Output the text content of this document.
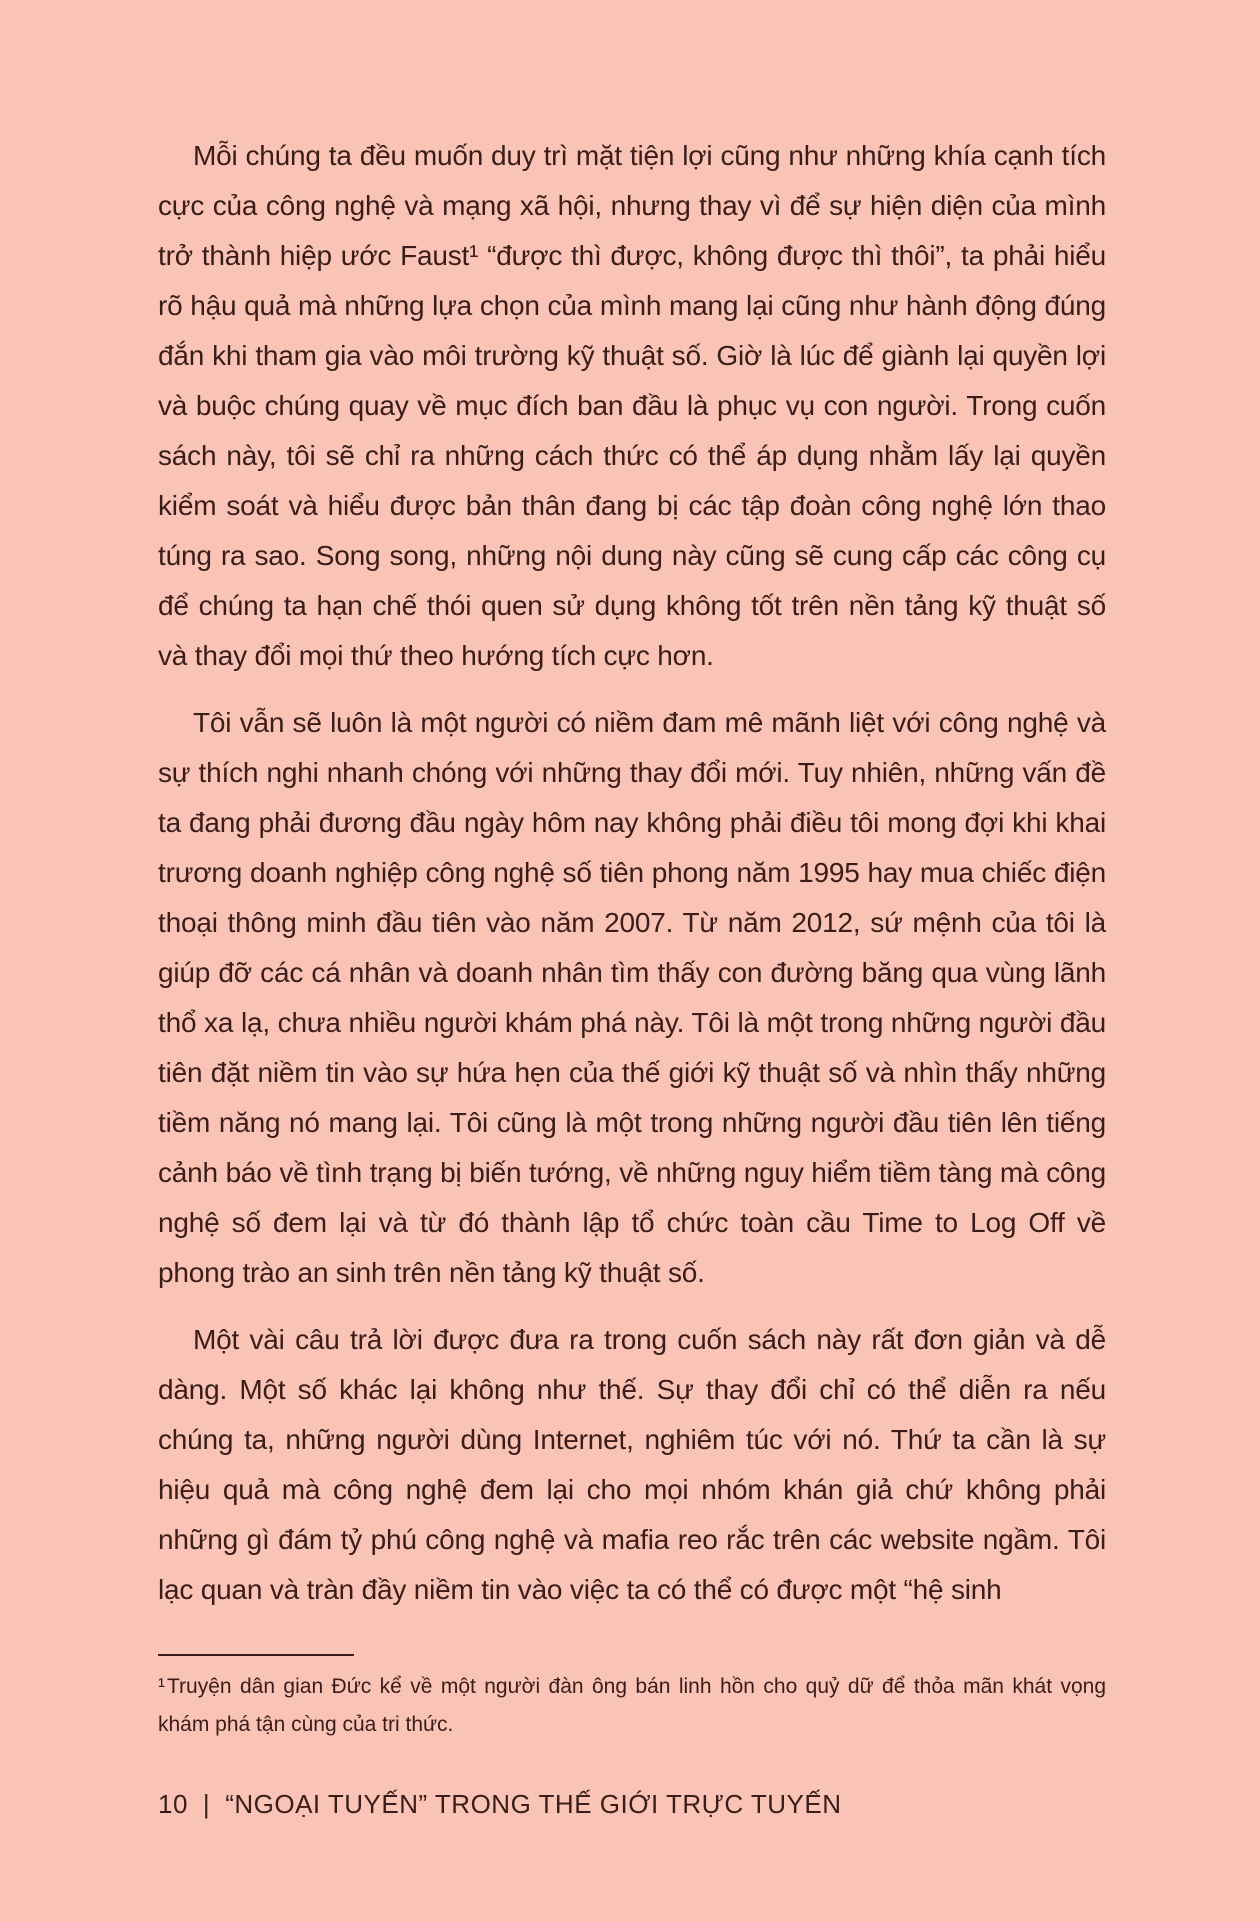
Mỗi chúng ta đều muốn duy trì mặt tiện lợi cũng như những khía cạnh tích cực của công nghệ và mạng xã hội, nhưng thay vì để sự hiện diện của mình trở thành hiệp ước Faust¹ “được thì được, không được thì thôi”, ta phải hiểu rõ hậu quả mà những lựa chọn của mình mang lại cũng như hành động đúng đắn khi tham gia vào môi trường kỹ thuật số. Giờ là lúc để giành lại quyền lợi và buộc chúng quay về mục đích ban đầu là phục vụ con người. Trong cuốn sách này, tôi sẽ chỉ ra những cách thức có thể áp dụng nhằm lấy lại quyền kiểm soát và hiểu được bản thân đang bị các tập đoàn công nghệ lớn thao túng ra sao. Song song, những nội dung này cũng sẽ cung cấp các công cụ để chúng ta hạn chế thói quen sử dụng không tốt trên nền tảng kỹ thuật số và thay đổi mọi thứ theo hướng tích cực hơn.

Tôi vẫn sẽ luôn là một người có niềm đam mê mãnh liệt với công nghệ và sự thích nghi nhanh chóng với những thay đổi mới. Tuy nhiên, những vấn đề ta đang phải đương đầu ngày hôm nay không phải điều tôi mong đợi khi khai trương doanh nghiệp công nghệ số tiên phong năm 1995 hay mua chiếc điện thoại thông minh đầu tiên vào năm 2007. Từ năm 2012, sứ mệnh của tôi là giúp đỡ các cá nhân và doanh nhân tìm thấy con đường băng qua vùng lãnh thổ xa lạ, chưa nhiều người khám phá này. Tôi là một trong những người đầu tiên đặt niềm tin vào sự hứa hẹn của thế giới kỹ thuật số và nhìn thấy những tiềm năng nó mang lại. Tôi cũng là một trong những người đầu tiên lên tiếng cảnh báo về tình trạng bị biến tướng, về những nguy hiểm tiềm tàng mà công nghệ số đem lại và từ đó thành lập tổ chức toàn cầu Time to Log Off về phong trào an sinh trên nền tảng kỹ thuật số.

Một vài câu trả lời được đưa ra trong cuốn sách này rất đơn giản và dễ dàng. Một số khác lại không như thế. Sự thay đổi chỉ có thể diễn ra nếu chúng ta, những người dùng Internet, nghiêm túc với nó. Thứ ta cần là sự hiệu quả mà công nghệ đem lại cho mọi nhóm khán giả chứ không phải những gì đám tỷ phú công nghệ và mafia reo rắc trên các website ngầm. Tôi lạc quan và tràn đầy niềm tin vào việc ta có thể có được một “hệ sinh

¹Truyện dân gian Đức kể về một người đàn ông bán linh hồn cho quỷ dữ để thỏa mãn khát vọng khám phá tận cùng của tri thức.

10 | “NGOẠI TUYẾN” TRONG THẾ GIỚI TRỰC TUYẾN
